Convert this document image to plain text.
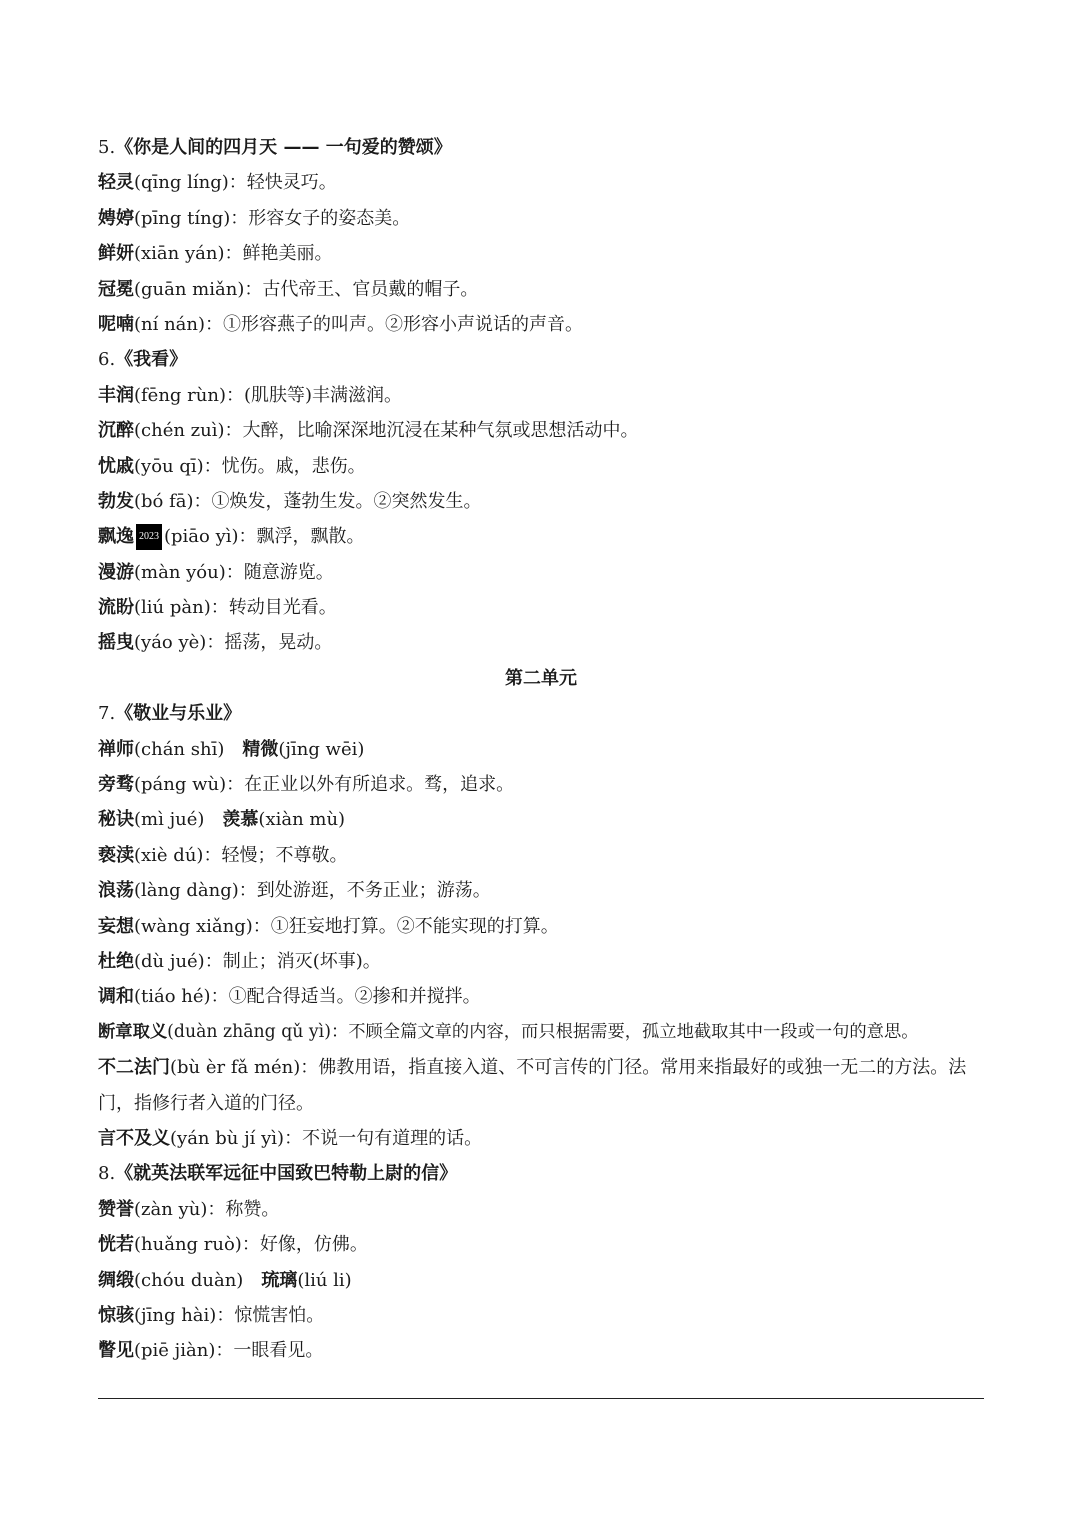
5.《你是人间的四月天 —— 一句爱的赞颂》
轻灵(qīng líng)：轻快灵巧。
娉婷(pīng tíng)：形容女子的姿态美。
鲜妍(xiān yán)：鲜艳美丽。
冠冕(guān miǎn)：古代帝王、官员戴的帽子。
呢喃(ní nán)：①形容燕子的叫声。②形容小声说话的声音。
6.《我看》
丰润(fēng rùn)：(肌肤等)丰满滋润。
沉醉(chén zuì)：大醉，比喻深深地沉浸在某种气氛或思想活动中。
忧戚(yōu qī)：忧伤。戚，悲伤。
勃发(bó fā)：①焕发，蓬勃生发。②突然发生。
飘逸 2023 (piāo yì)：飘浮，飘散。
漫游(màn yóu)：随意游览。
流盼(liú pàn)：转动目光看。
摇曳(yáo yè)：摇荡，晃动。
第二单元
7.《敬业与乐业》
禅师(chán shī) 精微(jīng wēi)
旁骛(páng wù)：在正业以外有所追求。骛，追求。
秘诀(mì jué) 羡慕(xiàn mù)
亵渎(xiè dú)：轻慢；不尊敬。
浪荡(làng dàng)：到处游逛，不务正业；游荡。
妄想(wàng xiǎng)：①狂妄地打算。②不能实现的打算。
杜绝(dù jué)：制止；消灭(坏事)。
调和(tiáo hé)：①配合得适当。②掺和并搅拌。
断章取义(duàn zhāng qǔ yì)：不顾全篇文章的内容，而只根据需要，孤立地截取其中一段或一句的意思。
不二法门(bù èr fǎ mén)：佛教用语，指直接入道、不可言传的门径。常用来指最好的或独一无二的方法。法门，指修行者入道的门径。
言不及义(yán bù jí yì)：不说一句有道理的话。
8.《就英法联军远征中国致巴特勒上尉的信》
赞誉(zàn yù)：称赞。
恍若(huǎng ruò)：好像，仿佛。
绸缎(chóu duàn) 琉璃(liú li)
惊骇(jīng hài)：惊慌害怕。
瞥见(piē jiàn)：一眼看见。
